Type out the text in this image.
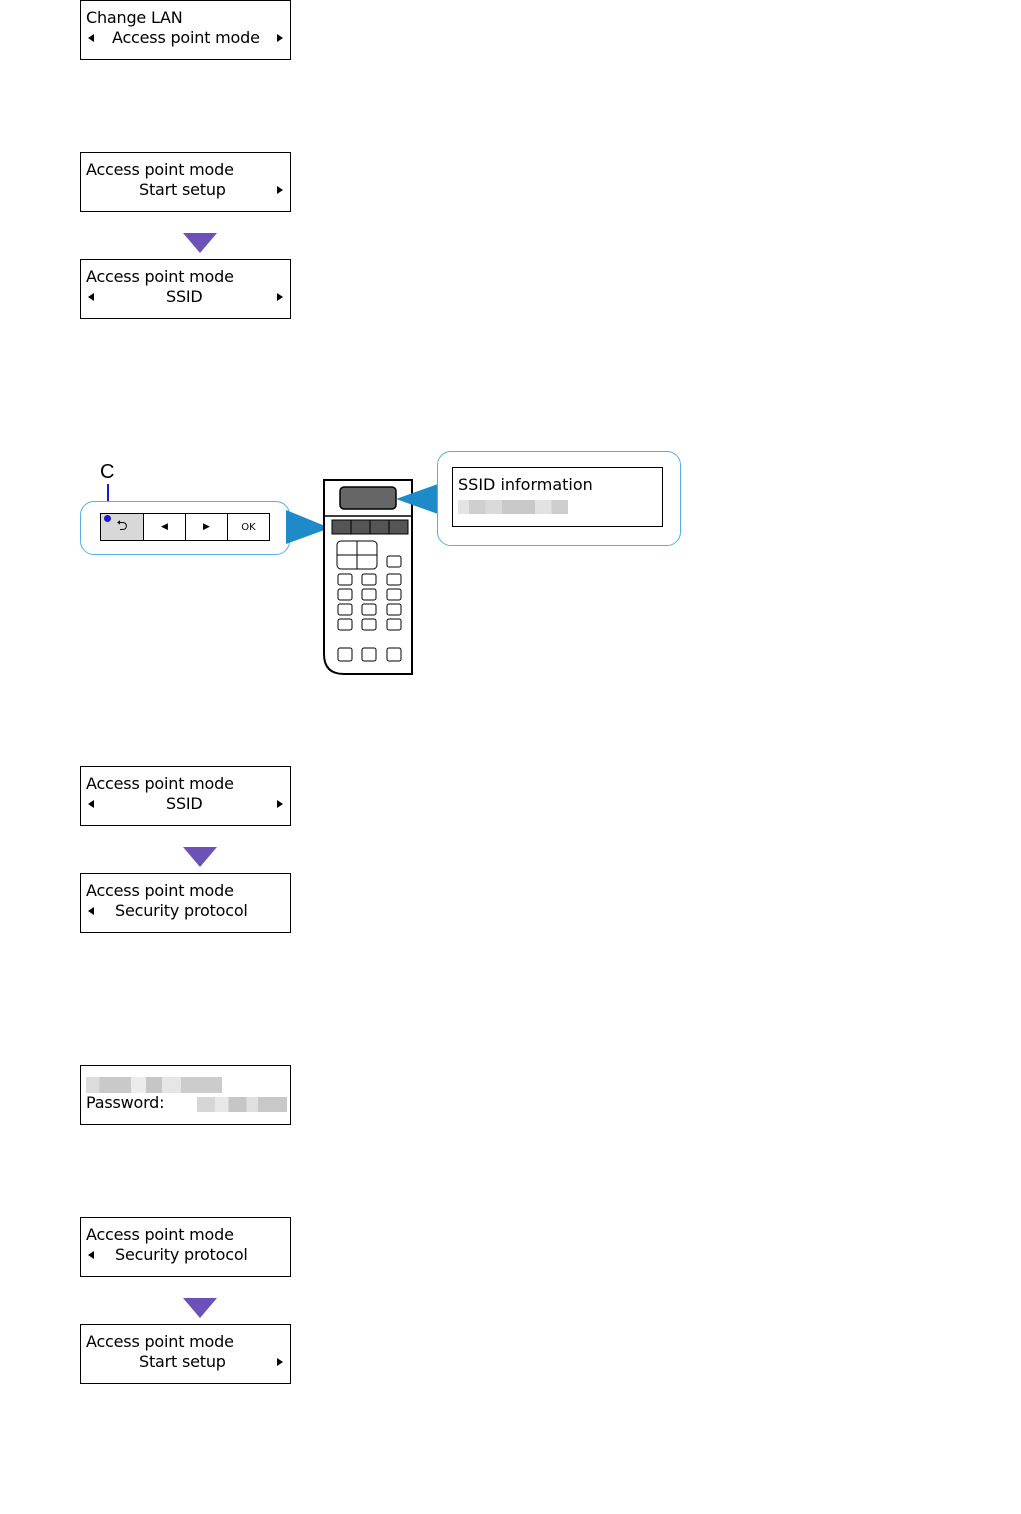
Change LAN
Access point mode
Access point mode
Start setup
Access point mode
SSID
C
⮌	◀	▶	OK
SSID information
Access point mode
SSID
Access point mode
Security protocol
Password:
Access point mode
Security protocol
Access point mode
Start setup
